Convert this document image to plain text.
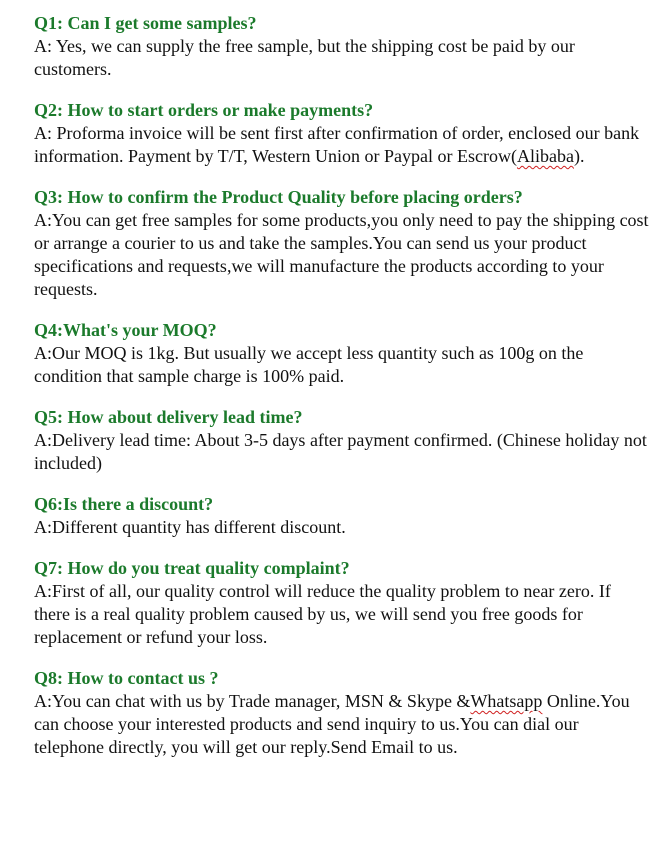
Q1: Can I get some samples?

A: Yes, we can supply the free sample, but the shipping cost be paid by our customers.

Q2: How to start orders or make payments?

A: Proforma invoice will be sent first after confirmation of order, enclosed our bank information. Payment by T/T, Western Union or Paypal or Escrow(Alibaba).

Q3: How to confirm the Product Quality before placing orders?

A:You can get free samples for some products,you only need to pay the shipping cost or arrange a courier to us and take the samples.You can send us your product specifications and requests,we will manufacture the products according to your requests.

Q4:What's your MOQ?

A:Our MOQ is 1kg. But usually we accept less quantity such as 100g on the condition that sample charge is 100% paid.

Q5: How about delivery lead time?

A:Delivery lead time: About 3-5 days after payment confirmed. (Chinese holiday not included)

Q6:Is there a discount?

A:Different quantity has different discount.

Q7: How do you treat quality complaint?

A:First of all, our quality control will reduce the quality problem to near zero. If there is a real quality problem caused by us, we will send you free goods for replacement or refund your loss.

Q8: How to contact us ?

A:You can chat with us by Trade manager, MSN & Skype &Whatsapp Online.You can choose your interested products and send inquiry to us.You can dial our telephone directly, you will get our reply.Send Email to us.
